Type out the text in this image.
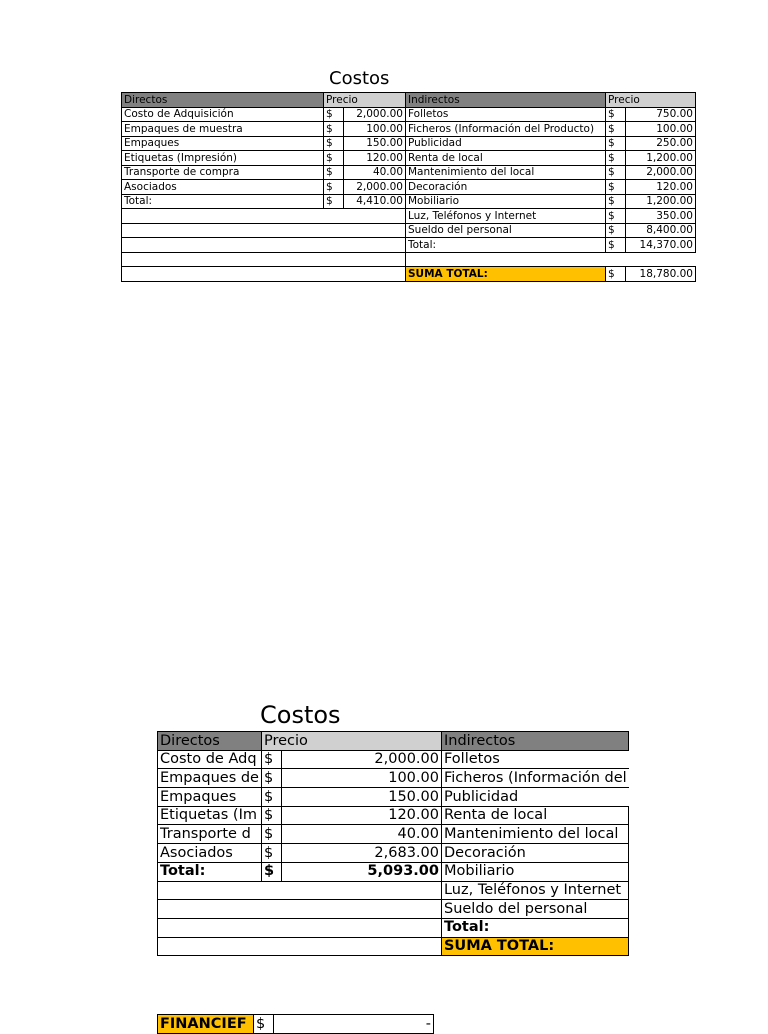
Costos
Directos	Precio		Indirectos	Precio	
Costo de Adquisición	$	2,000.00	Folletos	$	750.00
Empaques de muestra	$	100.00	Ficheros (Información del Producto)	$	100.00
Empaques	$	150.00	Publicidad	$	250.00
Etiquetas (Impresión)	$	120.00	Renta de local	$	1,200.00
Transporte de compra	$	40.00	Mantenimiento del local	$	2,000.00
Asociados	$	2,000.00	Decoración	$	120.00
Total:	$	4,410.00	Mobiliario	$	1,200.00
			Luz, Teléfonos y Internet	$	350.00
			Sueldo del personal	$	8,400.00
			Total:	$	14,370.00

			SUMA TOTAL:	$	18,780.00
Costos
Directos	Precio		Indirectos
Costo de Adq	$	2,000.00	Folletos
Empaques de	$	100.00	Ficheros (Información del
Empaques	$	150.00	Publicidad
Etiquetas (Im	$	120.00	Renta de local
Transporte d	$	40.00	Mantenimiento del local
Asociados	$	2,683.00	Decoración
Total:	$	5,093.00	Mobiliario
			Luz, Teléfonos y Internet
			Sueldo del personal
			Total:
			SUMA TOTAL:
FINANCIEF	$	-
